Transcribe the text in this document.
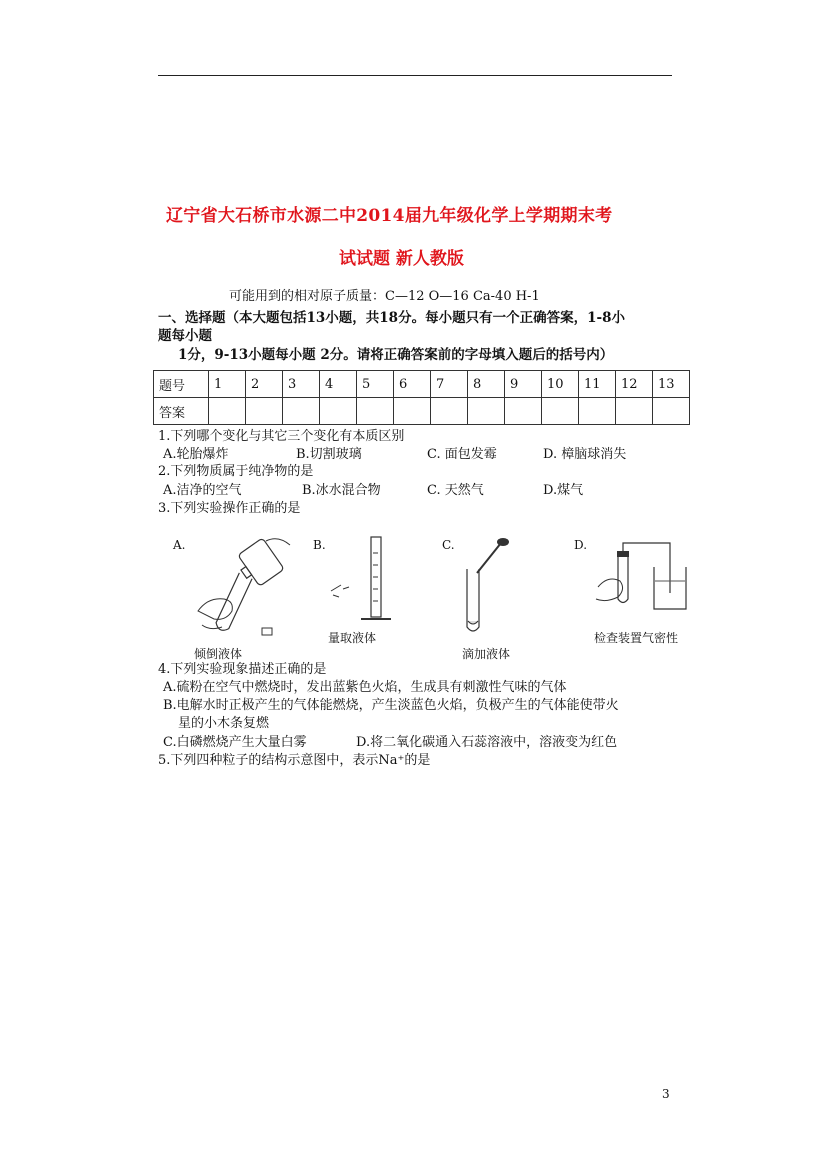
辽宁省大石桥市水源二中2014届九年级化学上学期期末考
试试题 新人教版
可能用到的相对原子质量：C—12 O—16 Ca-40 H-1
一、选择题（本大题包括13小题，共18分。每小题只有一个正确答案，1-8小
题每小题
1分，9-13小题每小题 2分。请将正确答案前的字母填入题后的括号内）
题号	1	2	3	4	5	6	7	8	9	10	11	12	13
答案													
1.下列哪个变化与其它三个变化有本质区别
A.轮胎爆炸	B.切割玻璃	C. 面包发霉	D. 樟脑球消失
2.下列物质属于纯净物的是
A.洁净的空气	B.冰水混合物	C. 天然气	D.煤气
3.下列实验操作正确的是
A.
倾倒液体
B.
量取液体
C.
滴加液体
D.
检查装置气密性
4.下列实验现象描述正确的是
A.硫粉在空气中燃烧时，发出蓝紫色火焰，生成具有刺激性气味的气体
B.电解水时正极产生的气体能燃烧，产生淡蓝色火焰，负极产生的气体能使带火
星的小木条复燃
C.白磷燃烧产生大量白雾	D.将二氧化碳通入石蕊溶液中，溶液变为红色
5.下列四种粒子的结构示意图中，表示Na⁺的是
3
